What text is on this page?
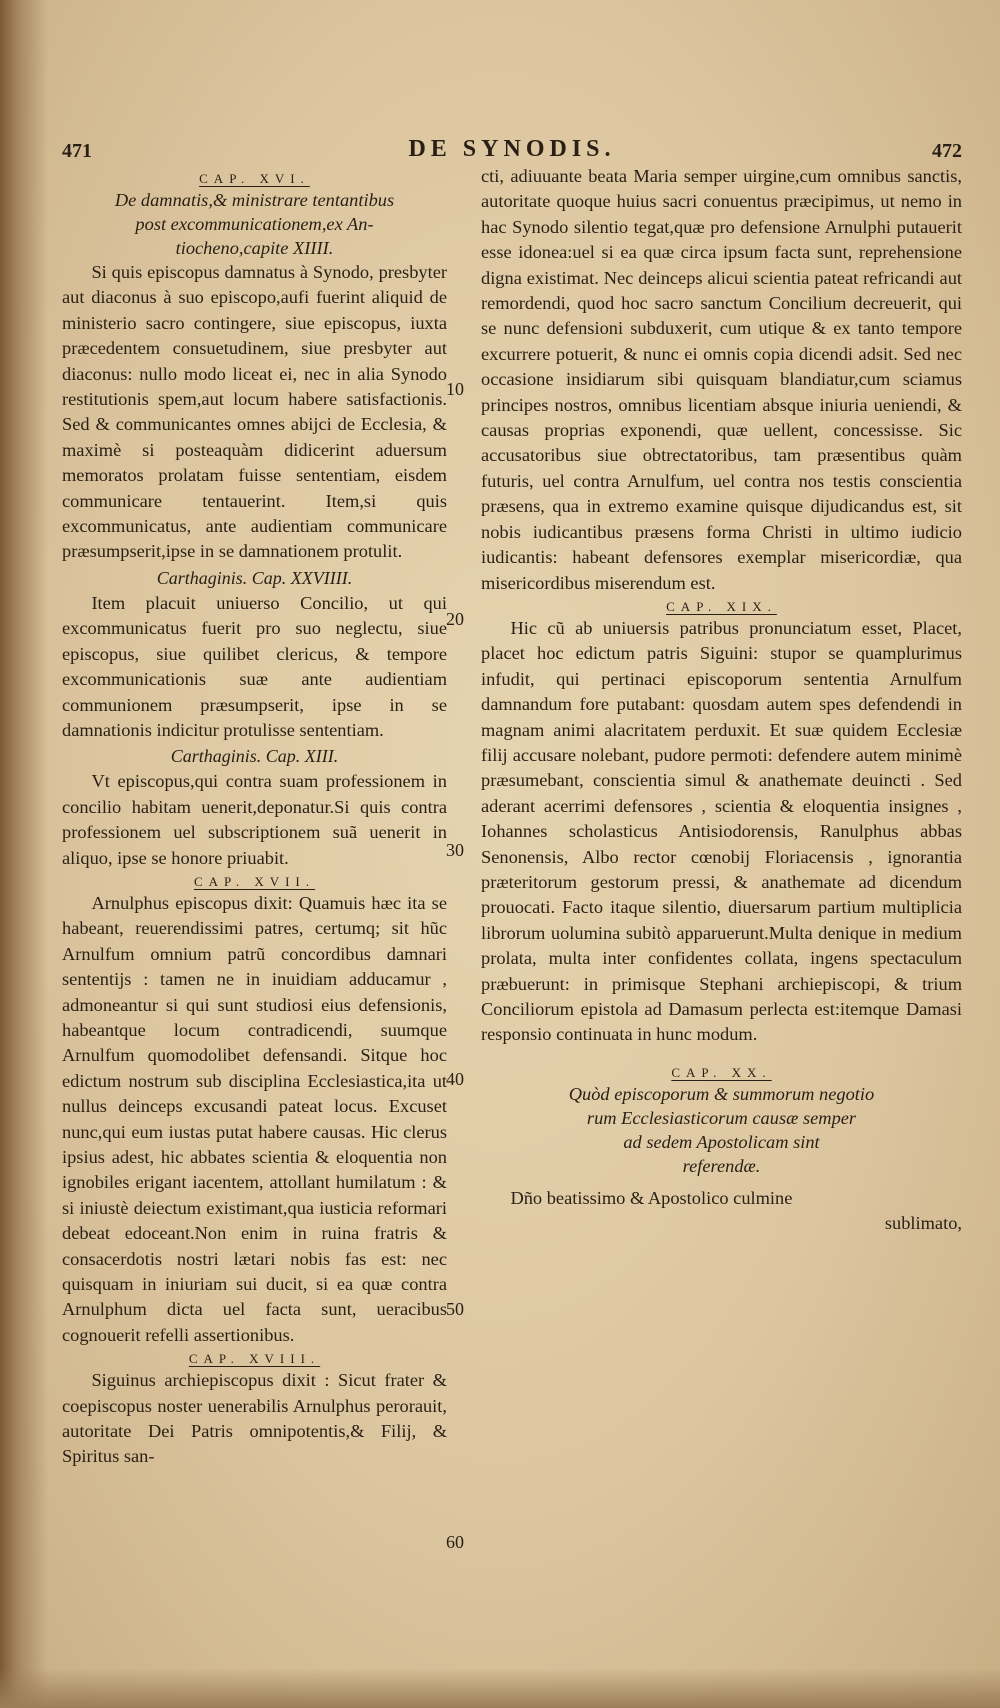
471	DE SYNODIS.	472
CAP. XVI.
De damnatis,& ministrare tentantibus
post excommunicationem,ex An-
tiocheno,capite XIIII.

Si quis episcopus damnatus à Synodo, presbyter aut diaconus à suo episcopo,aufi fuerint aliquid de ministerio sacro contingere, siue episcopus, iuxta præcedentem consuetudinem, siue presbyter aut diaconus: nullo modo liceat ei, nec in alia Synodo restitutionis spem,aut locum habere satisfactionis. Sed & communicantes omnes abijci de Ecclesia, & maximè si posteaquàm didicerint aduersum memoratos prolatam fuisse sententiam, eisdem communicare tentauerint. Item,si quis excommunicatus, ante audientiam communicare præsumpserit,ipse in se damnationem protulit.

Carthaginis. Cap. XXVIIII.

Item placuit uniuerso Concilio, ut qui excommunicatus fuerit pro suo neglectu, siue episcopus, siue quilibet clericus, & tempore excommunicationis suæ ante audientiam communionem præsumpserit, ipse in se damnationis indicitur protulisse sententiam.

Carthaginis. Cap. XIII.

Vt episcopus,qui contra suam professionem in concilio habitam uenerit,deponatur.Si quis contra professionem uel subscriptionem suã uenerit in aliquo, ipse se honore priuabit.

CAP. XVII.

Arnulphus episcopus dixit: Quamuis hæc ita se habeant, reuerendissimi patres, certumq; sit hũc Arnulfum omnium patrũ concordibus damnari sententijs : tamen ne in inuidiam adducamur , admoneantur si qui sunt studiosi eius defensionis, habeantque locum contradicendi, suumque Arnulfum quomodolibet defensandi. Sitque hoc edictum nostrum sub disciplina Ecclesiastica,ita ut nullus deinceps excusandi pateat locus. Excuset nunc,qui eum iustas putat habere causas. Hic clerus ipsius adest, hic abbates scientia & eloquentia non ignobiles erigant iacentem, attollant humilatum : & si iniustè deiectum existimant,qua iusticia reformari debeat edoceant.Non enim in ruina fratris & consacerdotis nostri lætari nobis fas est: nec quisquam in iniuriam sui ducit, si ea quæ contra Arnulphum dicta uel facta sunt, ueracibus cognouerit refelli assertionibus.

CAP. XVIII.

Siguinus archiepiscopus dixit : Sicut frater & coepiscopus noster uenerabilis Arnulphus perorauit, autoritate Dei Patris omnipotentis,& Filij, & Spiritus san-

10
20
30
40
50
60

cti, adiuuante beata Maria semper uirgine,cum omnibus sanctis, autoritate quoque huius sacri conuentus præcipimus, ut nemo in hac Synodo silentio tegat,quæ pro defensione Arnulphi putauerit esse idonea:uel si ea quæ circa ipsum facta sunt, reprehensione digna existimat. Nec deinceps alicui scientia pateat refricandi aut remordendi, quod hoc sacro sanctum Concilium decreuerit, qui se nunc defensioni subduxerit, cum utique & ex tanto tempore excurrere potuerit, & nunc ei omnis copia dicendi adsit. Sed nec occasione insidiarum sibi quisquam blandiatur,cum sciamus principes nostros, omnibus licentiam absque iniuria ueniendi, & causas proprias exponendi, quæ uellent, concessisse. Sic accusatoribus siue obtrectatoribus, tam præsentibus quàm futuris, uel contra Arnulfum, uel contra nos testis conscientia præsens, qua in extremo examine quisque dijudicandus est, sit nobis iudicantibus præsens forma Christi in ultimo iudicio iudicantis: habeant defensores exemplar misericordiæ, qua misericordibus miserendum est.

CAP. XIX.

Hic cũ ab uniuersis patribus pronunciatum esset, Placet, placet hoc edictum patris Siguini: stupor se quamplurimus infudit, qui pertinaci episcoporum sententia Arnulfum damnandum fore putabant: quosdam autem spes defendendi in magnam animi alacritatem perduxit. Et suæ quidem Ecclesiæ filij accusare nolebant, pudore permoti: defendere autem minimè præsumebant, conscientia simul & anathemate deuincti . Sed aderant acerrimi defensores , scientia & eloquentia insignes , Iohannes scholasticus Antisiodorensis, Ranulphus abbas Senonensis, Albo rector cœnobij Floriacensis , ignorantia præteritorum gestorum pressi, & anathemate ad dicendum prouocati. Facto itaque silentio, diuersarum partium multiplicia librorum uolumina subitò apparuerunt.Multa denique in medium prolata, multa inter confidentes collata, ingens spectaculum præbuerunt: in primisque Stephani archiepiscopi, & trium Conciliorum epistola ad Damasum perlecta est:itemque Damasi responsio continuata in hunc modum.

CAP. XX.
Quòd episcoporum & summorum negotio
rum Ecclesiasticorum causæ semper
ad sedem Apostolicam sint
referendæ.

Dño beatissimo & Apostolico culmine

sublimato,
